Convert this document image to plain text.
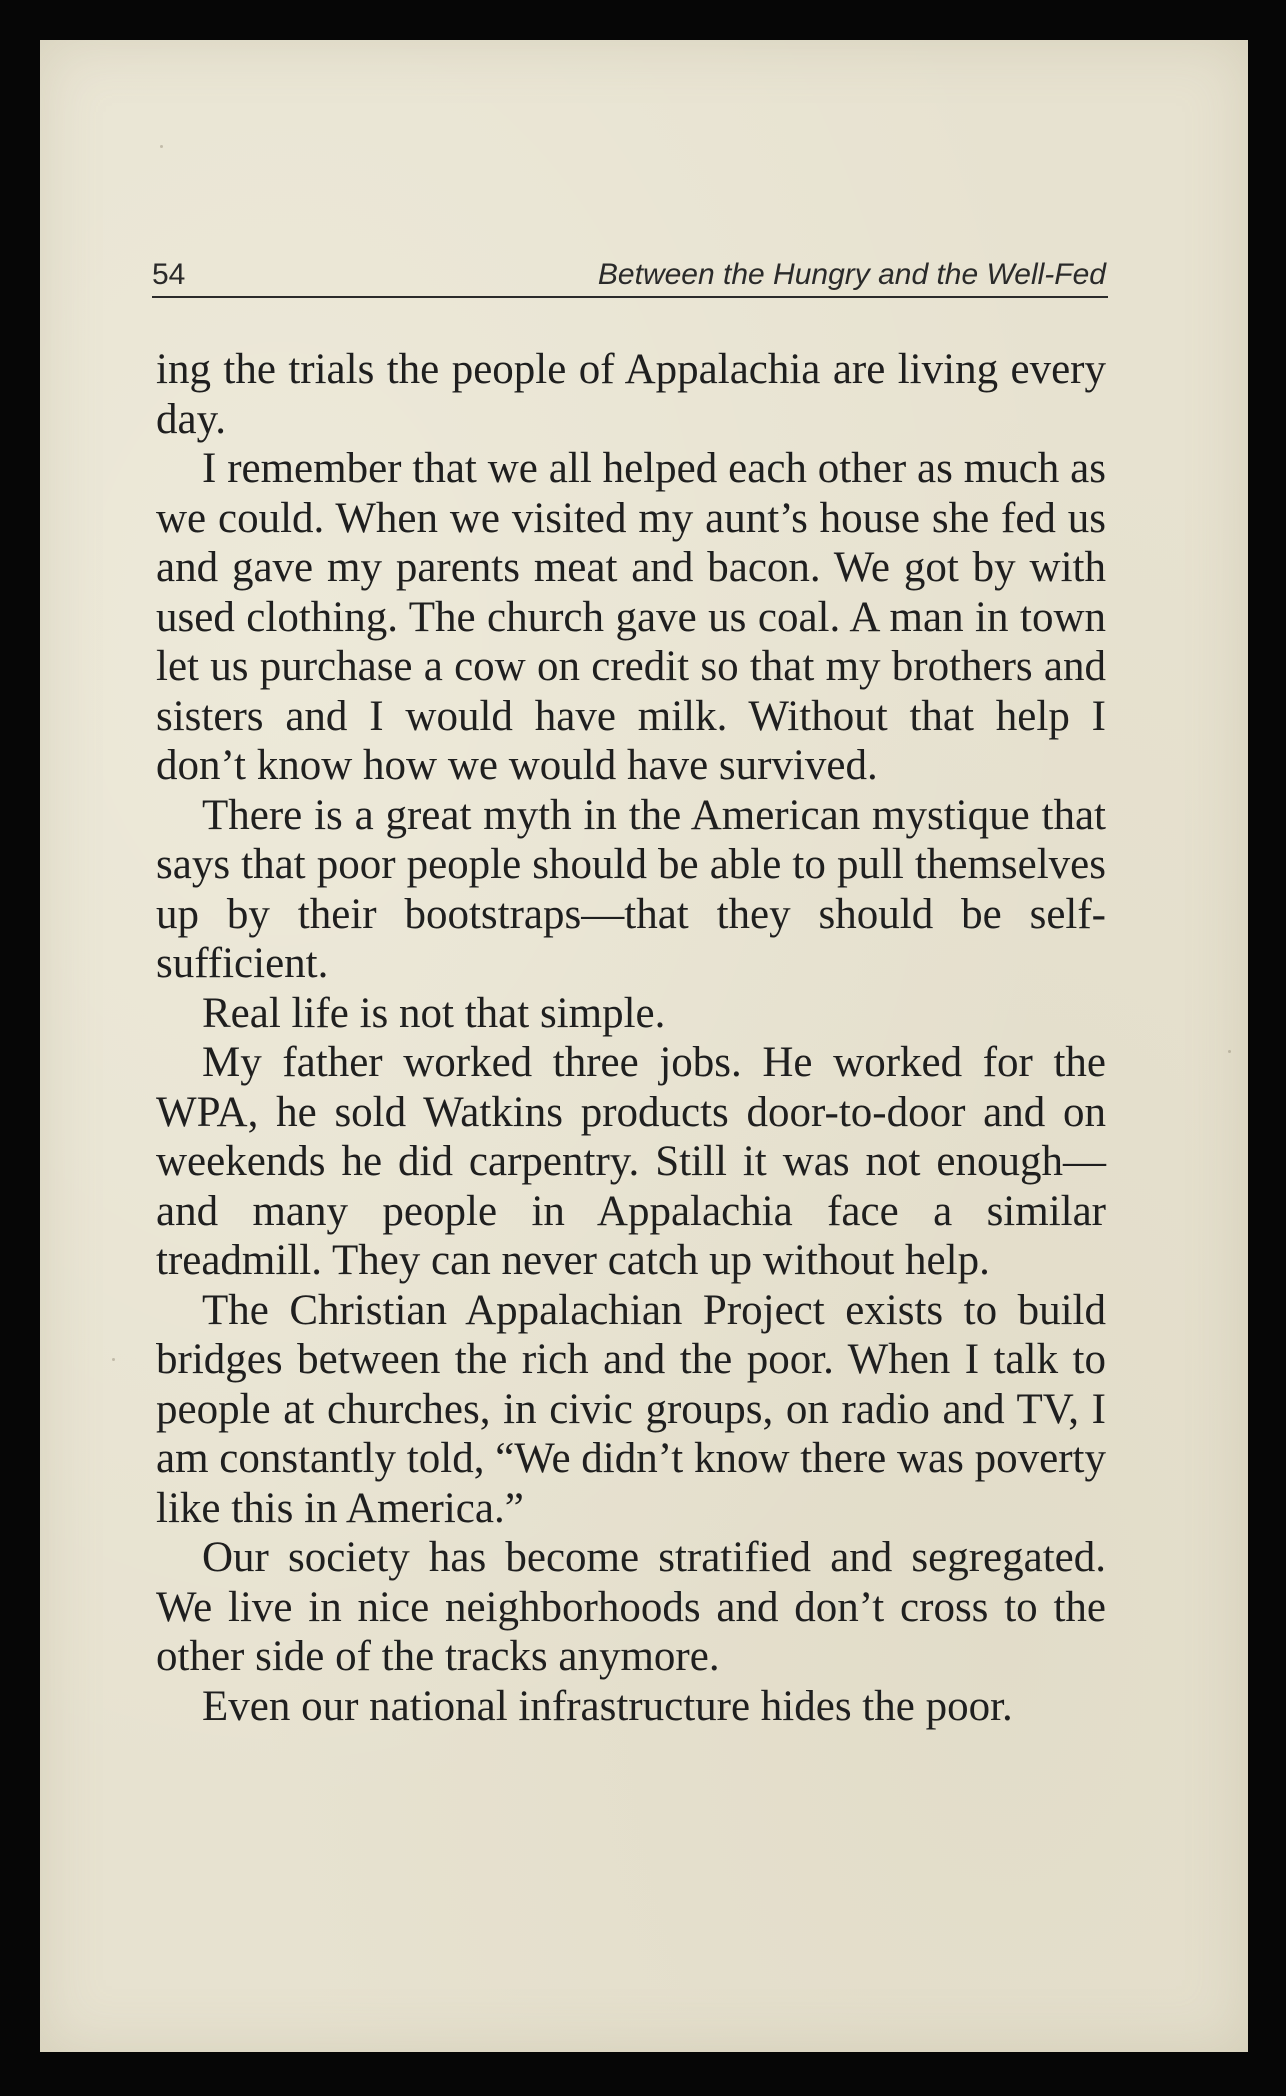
54	Between the Hungry and the Well-Fed

ing the trials the people of Appalachia are living every day.

I remember that we all helped each other as much as we could. When we visited my aunt’s house she fed us and gave my parents meat and bacon. We got by with used clothing. The church gave us coal. A man in town let us purchase a cow on credit so that my brothers and sisters and I would have milk. Without that help I don’t know how we would have survived.

There is a great myth in the American mystique that says that poor people should be able to pull themselves up by their bootstraps—that they should be self-sufficient.

Real life is not that simple.

My father worked three jobs. He worked for the WPA, he sold Watkins products door-to-door and on weekends he did carpentry. Still it was not enough—and many people in Appalachia face a similar treadmill. They can never catch up without help.

The Christian Appalachian Project exists to build bridges between the rich and the poor. When I talk to people at churches, in civic groups, on radio and TV, I am constantly told, “We didn’t know there was poverty like this in America.”

Our society has become stratified and segregated. We live in nice neighborhoods and don’t cross to the other side of the tracks anymore.

Even our national infrastructure hides the poor.
